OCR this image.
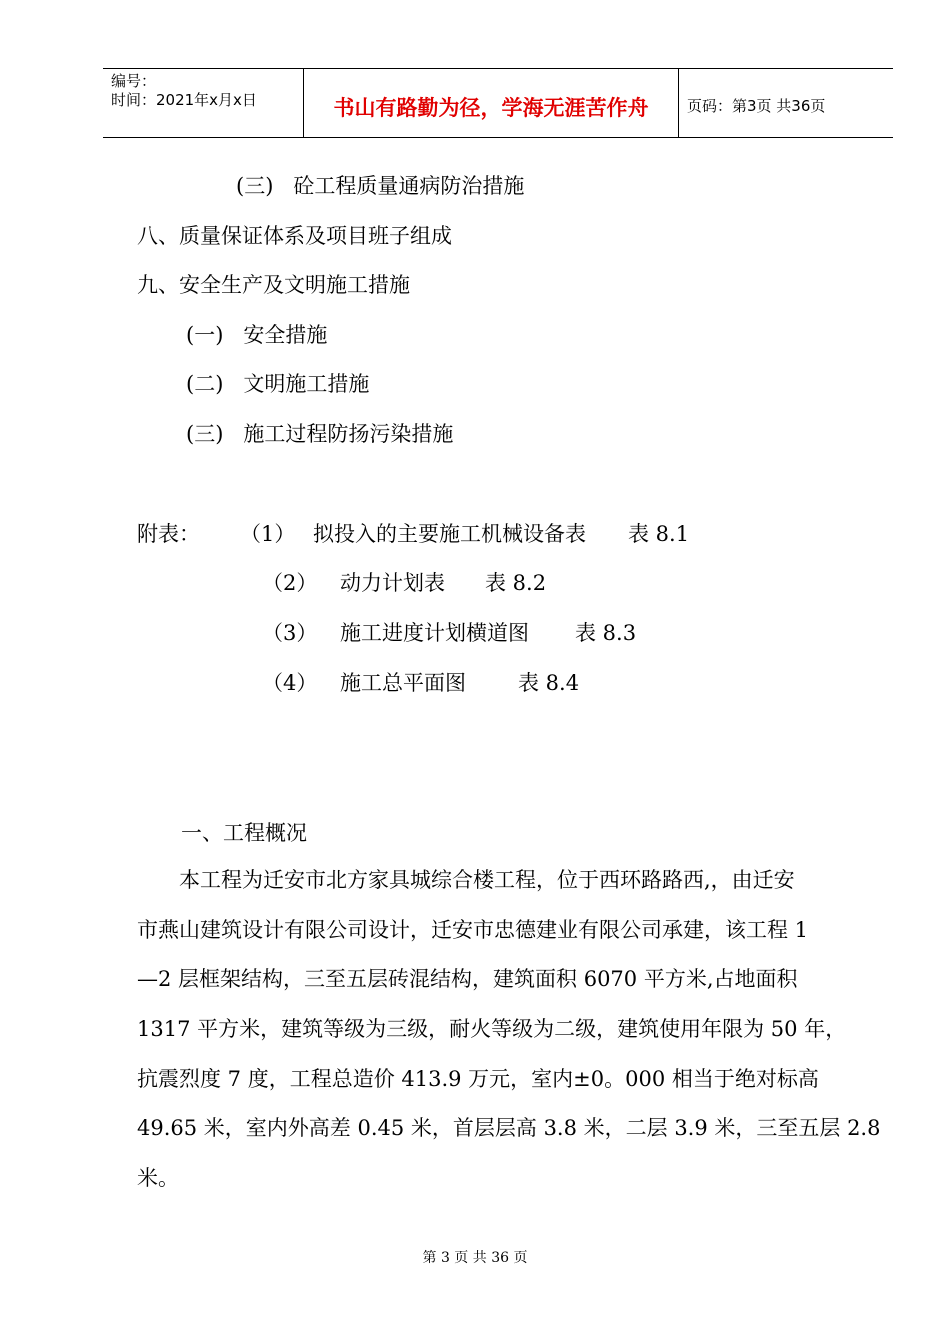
编号：
时间：2021年x月x日	书山有路勤为径，学海无涯苦作舟	页码：第3页 共36页
(三) 砼工程质量通病防治措施
八、质量保证体系及项目班子组成
九、安全生产及文明施工措施
(一) 安全措施
(二) 文明施工措施
(三) 施工过程防扬污染措施
附表： （1） 拟投入的主要施工机械设备表 表 8.1
（2） 动力计划表 表 8.2
（3） 施工进度计划横道图 表 8.3
（4） 施工总平面图 表 8.4
一、工程概况
本工程为迁安市北方家具城综合楼工程，位于西环路路西,，由迁安
市燕山建筑设计有限公司设计，迁安市忠德建业有限公司承建，该工程 1
—2 层框架结构，三至五层砖混结构，建筑面积 6070 平方米,占地面积
1317 平方米，建筑等级为三级，耐火等级为二级，建筑使用年限为 50 年，
抗震烈度 7 度，工程总造价 413.9 万元，室内±0。000 相当于绝对标高
49.65 米，室内外高差 0.45 米，首层层高 3.8 米，二层 3.9 米，三至五层 2.8
米。
第 3 页 共 36 页
